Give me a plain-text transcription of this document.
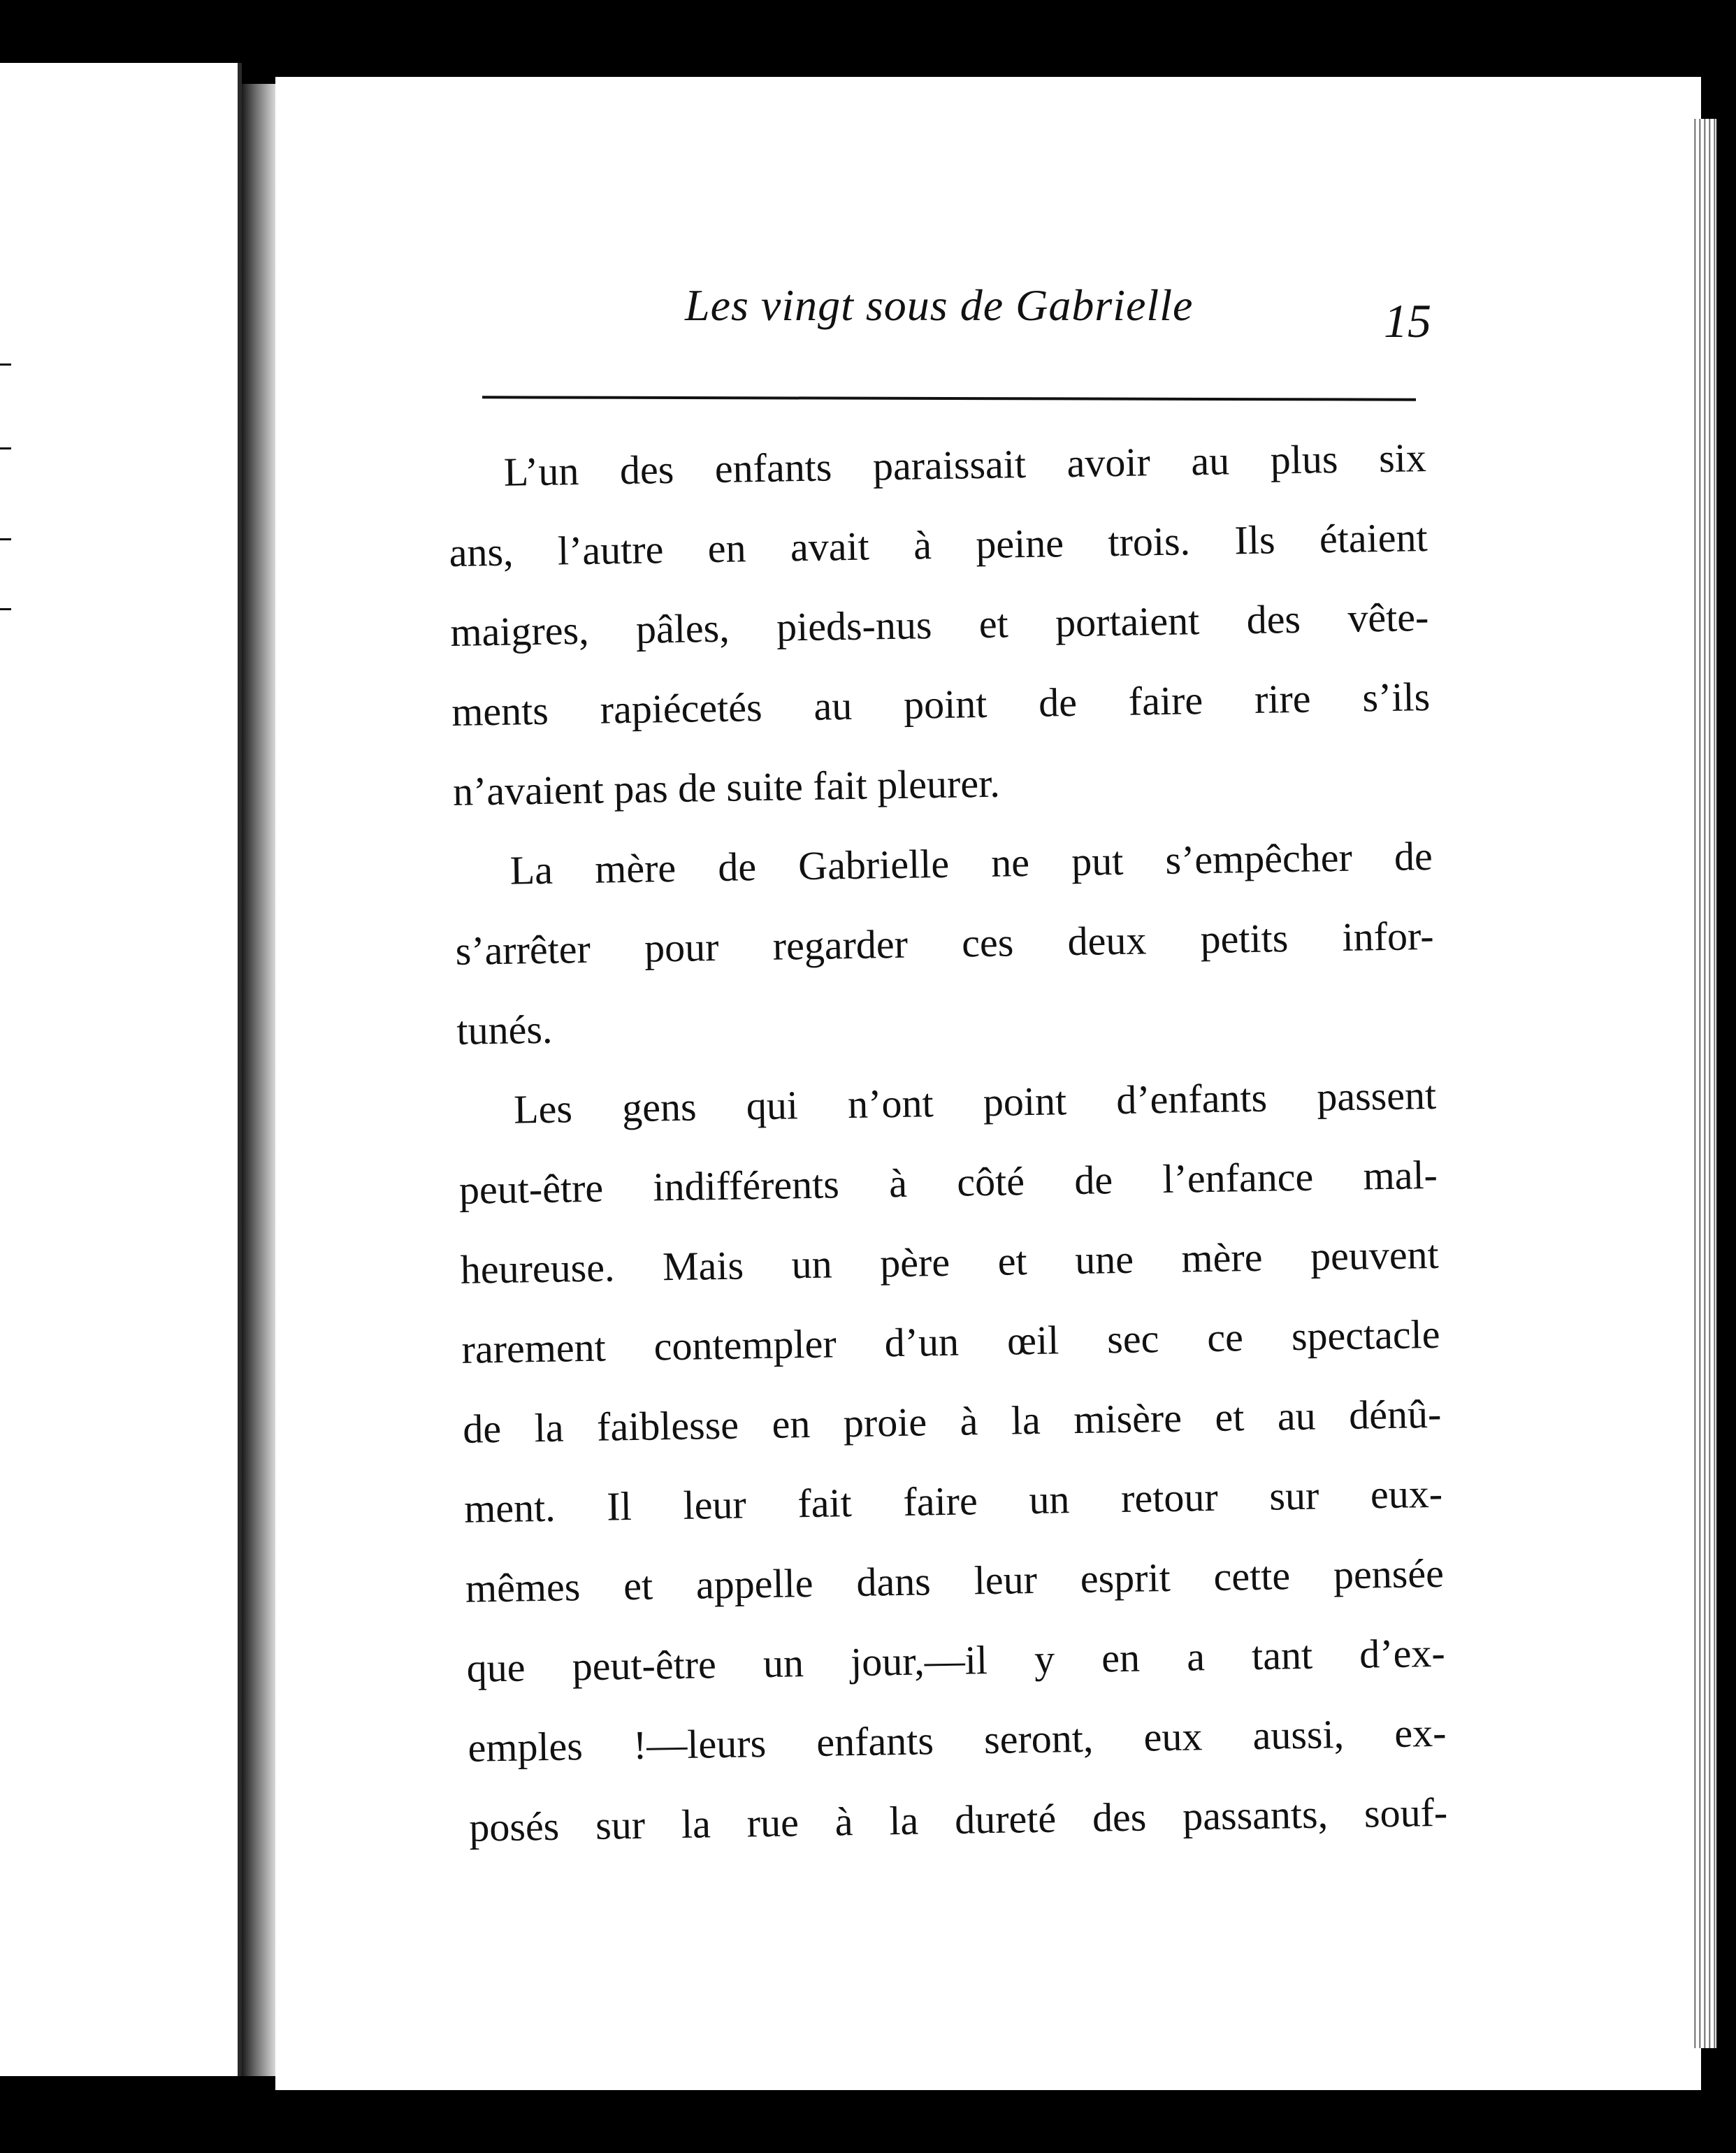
Les vingt sous de Gabrielle	15
L’un des enfants paraissait avoir au plus six
ans, l’autre en avait à peine trois. Ils étaient
maigres, pâles, pieds-nus et portaient des vête-
ments rapiécetés au point de faire rire s’ils
n’avaient pas de suite fait pleurer.
La mère de Gabrielle ne put s’empêcher de
s’arrêter pour regarder ces deux petits infor-
tunés.
Les gens qui n’ont point d’enfants passent
peut-être indifférents à côté de l’enfance mal-
heureuse. Mais un père et une mère peuvent
rarement contempler d’un œil sec ce spectacle
de la faiblesse en proie à la misère et au dénû-
ment. Il leur fait faire un retour sur eux-
mêmes et appelle dans leur esprit cette pensée
que peut-être un jour,—il y en a tant d’ex-
emples !—leurs enfants seront, eux aussi, ex-
posés sur la rue à la dureté des passants, souf-
